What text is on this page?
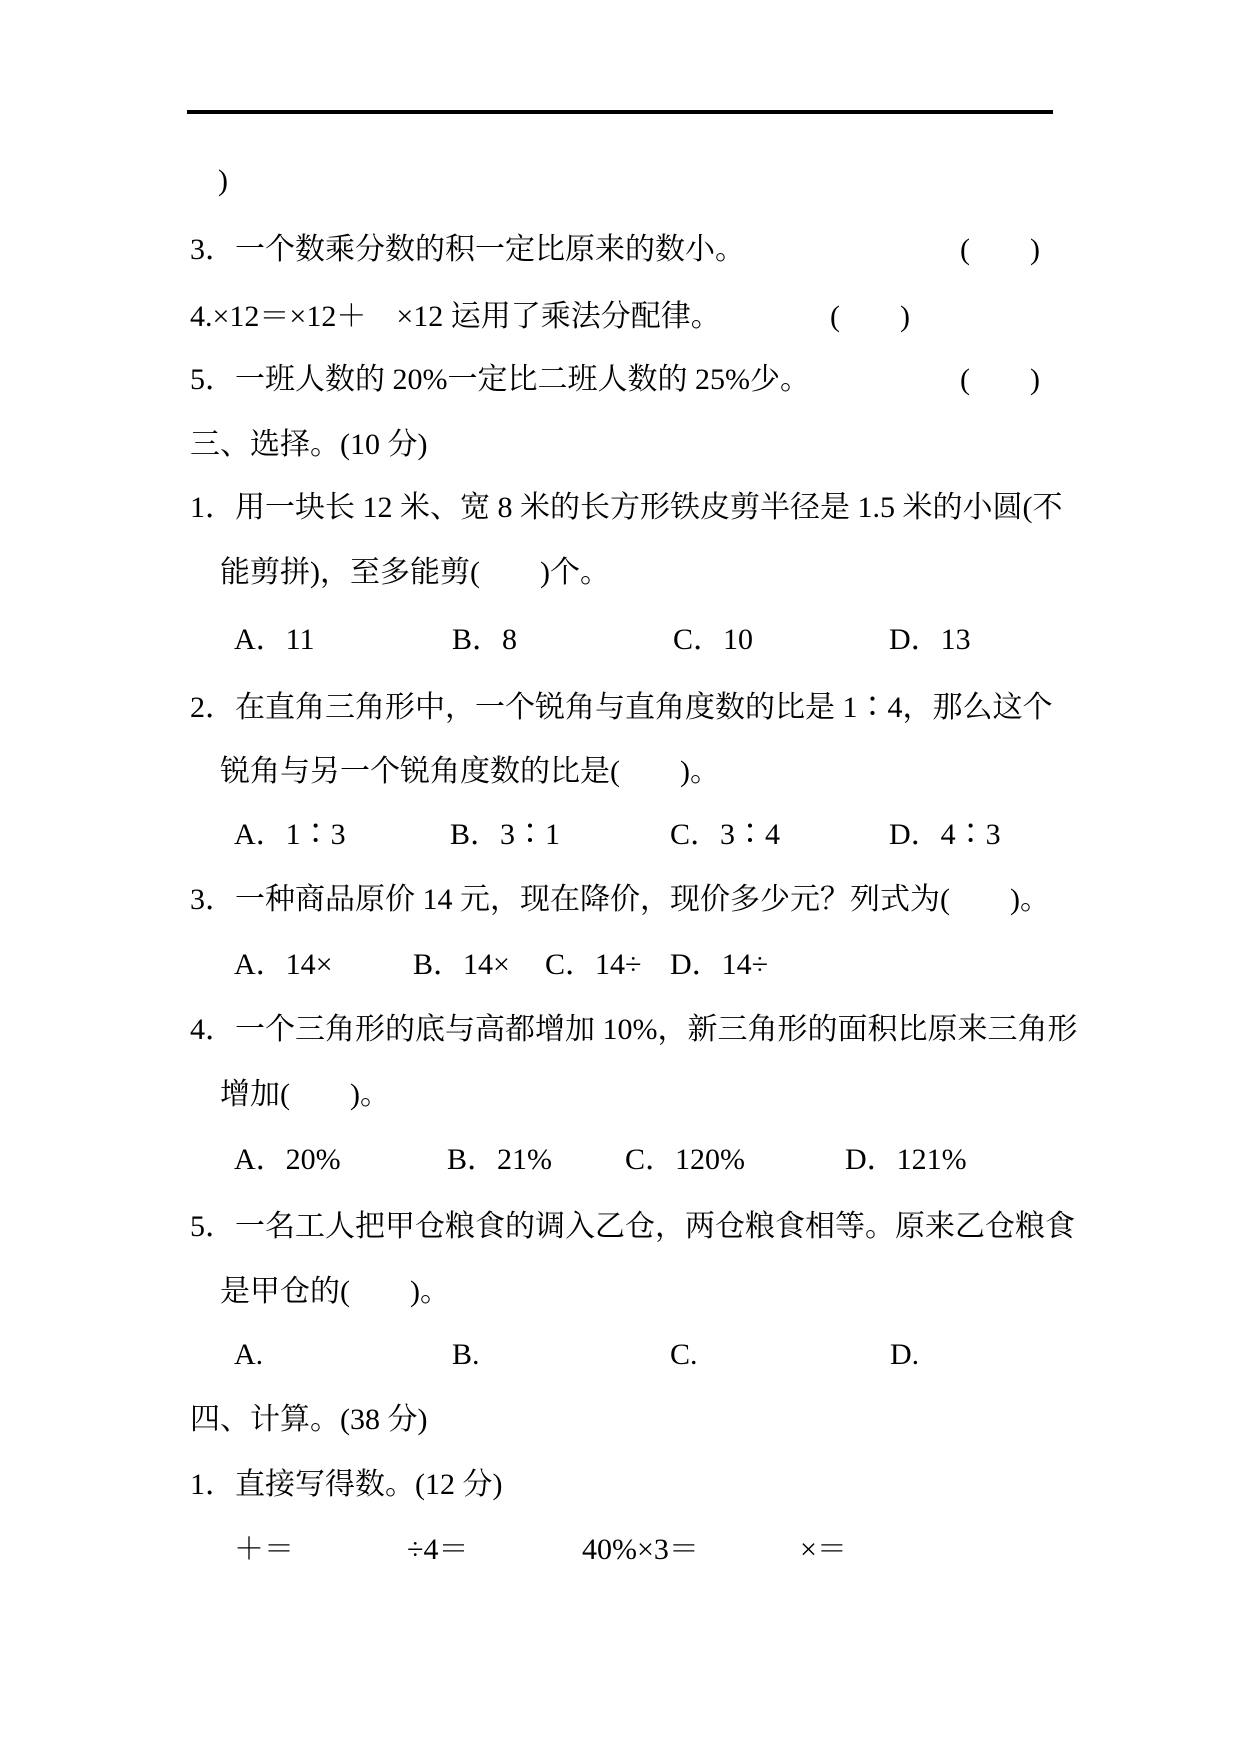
)
3．一个数乘分数的积一定比原来的数小。	(　　)
4.×12＝×12＋　×12 运用了乘法分配律。	(　　)
5．一班人数的 20%一定比二班人数的 25%少。	(　　)
三、选择。(10 分)
1．用一块长 12 米、宽 8 米的长方形铁皮剪半径是 1.5 米的小圆(不
能剪拼)，至多能剪(　　)个。
A．11	B．8	C．10	D．13
2．在直角三角形中，一个锐角与直角度数的比是 1∶4，那么这个
锐角与另一个锐角度数的比是(　　)。
A．1∶3	B．3∶1	C．3∶4	D．4∶3
3．一种商品原价 14 元，现在降价，现价多少元？列式为(　　)。
A．14×	B．14× C．14÷ D．14÷
4．一个三角形的底与高都增加 10%，新三角形的面积比原来三角形
增加(　　)。
A．20%	B．21% C．120%	D．121%
5．一名工人把甲仓粮食的调入乙仓，两仓粮食相等。原来乙仓粮食
是甲仓的(　　)。
A.	B.	C.	D.
四、计算。(38 分)
1．直接写得数。(12 分)
＋＝	÷4＝	40%×3＝	×＝
